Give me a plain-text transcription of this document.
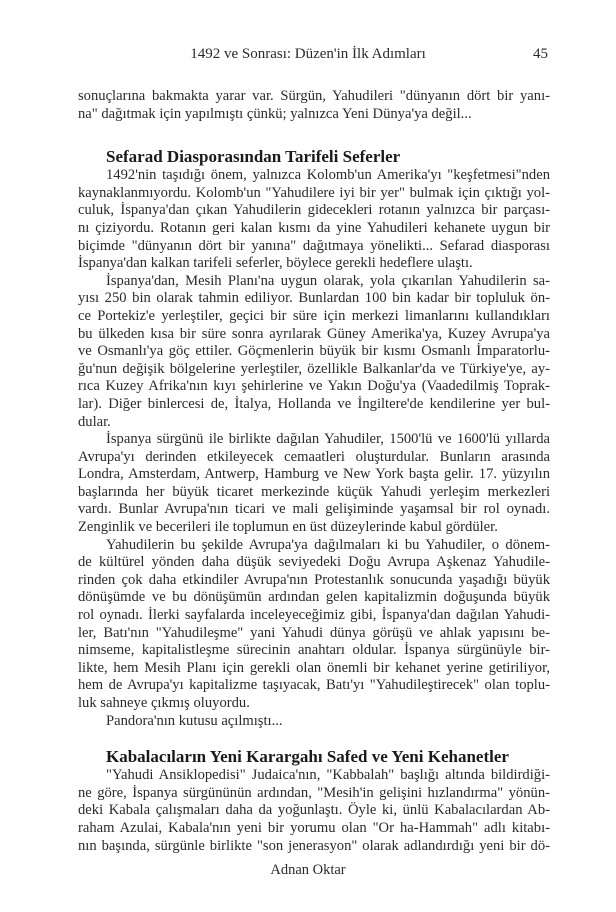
1492 ve Sonrası: Düzen'in İlk Adımları	45
sonuçlarına bakmakta yarar var. Sürgün, Yahudileri "dünyanın dört bir yanı-
na" dağıtmak için yapılmıştı çünkü; yalnızca Yeni Dünya'ya değil...
Sefarad Diasporasından Tarifeli Seferler
1492'nin taşıdığı önem, yalnızca Kolomb'un Amerika'yı "keşfetmesi"nden
kaynaklanmıyordu. Kolomb'un "Yahudilere iyi bir yer" bulmak için çıktığı yol-
culuk, İspanya'dan çıkan Yahudilerin gidecekleri rotanın yalnızca bir parçası-
nı çiziyordu. Rotanın geri kalan kısmı da yine Yahudileri kehanete uygun bir
biçimde "dünyanın dört bir yanına" dağıtmaya yönelikti... Sefarad diasporası
İspanya'dan kalkan tarifeli seferler, böylece gerekli hedeflere ulaştı.
İspanya'dan, Mesih Planı'na uygun olarak, yola çıkarılan Yahudilerin sa-
yısı 250 bin olarak tahmin ediliyor. Bunlardan 100 bin kadar bir topluluk ön-
ce Portekiz'e yerleştiler, geçici bir süre için merkezi limanlarını kullandıkları
bu ülkeden kısa bir süre sonra ayrılarak Güney Amerika'ya, Kuzey Avrupa'ya
ve Osmanlı'ya göç ettiler. Göçmenlerin büyük bir kısmı Osmanlı İmparatorlu-
ğu'nun değişik bölgelerine yerleştiler, özellikle Balkanlar'da ve Türkiye'ye, ay-
rıca Kuzey Afrika'nın kıyı şehirlerine ve Yakın Doğu'ya (Vaadedilmiş Toprak-
lar). Diğer binlercesi de, İtalya, Hollanda ve İngiltere'de kendilerine yer bul-
dular.
İspanya sürgünü ile birlikte dağılan Yahudiler, 1500'lü ve 1600'lü yıllarda
Avrupa'yı derinden etkileyecek cemaatleri oluşturdular. Bunların arasında
Londra, Amsterdam, Antwerp, Hamburg ve New York başta gelir. 17. yüzyılın
başlarında her büyük ticaret merkezinde küçük Yahudi yerleşim merkezleri
vardı. Bunlar Avrupa'nın ticari ve mali gelişiminde yaşamsal bir rol oynadı.
Zenginlik ve becerileri ile toplumun en üst düzeylerinde kabul gördüler.
Yahudilerin bu şekilde Avrupa'ya dağılmaları ki bu Yahudiler, o dönem-
de kültürel yönden daha düşük seviyedeki Doğu Avrupa Aşkenaz Yahudile-
rinden çok daha etkindiler Avrupa'nın Protestanlık sonucunda yaşadığı büyük
dönüşümde ve bu dönüşümün ardından gelen kapitalizmin doğuşunda büyük
rol oynadı. İlerki sayfalarda inceleyeceğimiz gibi, İspanya'dan dağılan Yahudi-
ler, Batı'nın "Yahudileşme" yani Yahudi dünya görüşü ve ahlak yapısını be-
nimseme, kapitalistleşme sürecinin anahtarı oldular. İspanya sürgünüyle bir-
likte, hem Mesih Planı için gerekli olan önemli bir kehanet yerine getiriliyor,
hem de Avrupa'yı kapitalizme taşıyacak, Batı'yı "Yahudileştirecek" olan toplu-
luk sahneye çıkmış oluyordu.
Pandora'nın kutusu açılmıştı...
Kabalacıların Yeni Karargahı Safed ve Yeni Kehanetler
"Yahudi Ansiklopedisi" Judaica'nın, "Kabbalah" başlığı altında bildirdiği-
ne göre, İspanya sürgününün ardından, "Mesih'in gelişini hızlandırma" yönün-
deki Kabala çalışmaları daha da yoğunlaştı. Öyle ki, ünlü Kabalacılardan Ab-
raham Azulai, Kabala'nın yeni bir yorumu olan "Or ha-Hammah" adlı kitabı-
nın başında, sürgünle birlikte "son jenerasyon" olarak adlandırdığı yeni bir dö-
Adnan Oktar
